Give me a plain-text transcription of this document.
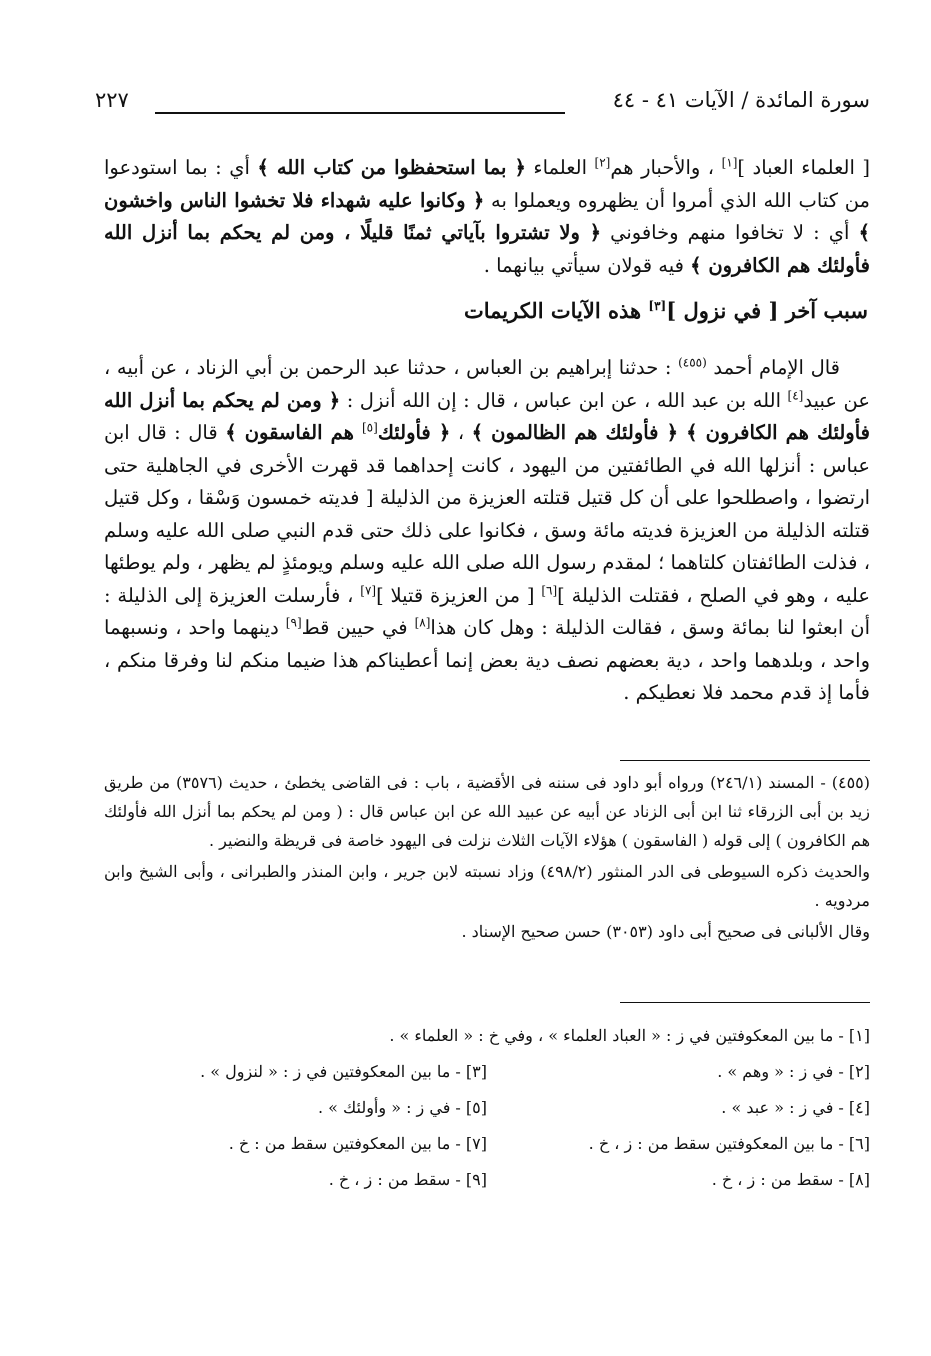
سورة المائدة / الآيات ٤١ - ٤٤
٢٢٧

[ العلماء العباد ][١] ، والأحبار هم[٢] العلماء ﴿ بما استحفظوا من كتاب الله ﴾ أي : بما استودعوا من كتاب الله الذي أمروا أن يظهروه ويعملوا به ﴿ وكانوا عليه شهداء فلا تخشوا الناس واخشون ﴾ أي : لا تخافوا منهم وخافوني ﴿ ولا تشتروا بآياتي ثمنًا قليلًا ، ومن لم يحكم بما أنزل الله فأولئك هم الكافرون ﴾ فيه قولان سيأتي بيانهما .

سبب آخر [ في نزول ][٣] هذه الآيات الكريمات

قال الإمام أحمد $^{(٤٥٥)}$ : حدثنا إبراهيم بن العباس ، حدثنا عبد الرحمن بن أبي الزناد ، عن أبيه ، عن عبيد[٤] الله بن عبد الله ، عن ابن عباس ، قال : إن الله أنزل : ﴿ ومن لم يحكم بما أنزل الله فأولئك هم الكافرون ﴾ ﴿ فأولئك هم الظالمون ﴾ ، ﴿ فأولئك[٥] هم الفاسقون ﴾ قال : قال ابن عباس : أنزلها الله في الطائفتين من اليهود ، كانت إحداهما قد قهرت الأخرى في الجاهلية حتى ارتضوا ، واصطلحوا على أن كل قتيل قتلته العزيزة من الذليلة [ فديته خمسون وَسْقا ، وكل قتيل قتلته الذليلة من العزيزة فديته مائة وسق ، فكانوا على ذلك حتى قدم النبي صلى الله عليه وسلم ، فذلت الطائفتان كلتاهما ؛ لمقدم رسول الله صلى الله عليه وسلم ويومئذٍ لم يظهر ، ولم يوطئها عليه ، وهو في الصلح ، فقتلت الذليلة ][٦] [ من العزيزة قتيلا ][٧] ، فأرسلت العزيزة إلى الذليلة : أن ابعثوا لنا بمائة وسق ، فقالت الذليلة : وهل كان هذا[٨] في حيين قط[٩] دينهما واحد ، ونسبهما واحد ، وبلدهما واحد ، دية بعضهم نصف دية بعض إنما أعطيناكم هذا ضيما منكم لنا وفرقا منكم ، فأما إذ قدم محمد فلا نعطيكم .

(٤٥٥) - المسند (٢٤٦/١) ورواه أبو داود فى سننه فى الأقضية ، باب : فى القاضى يخطئ ، حديث (٣٥٧٦) من طريق زيد بن أبى الزرقاء ثنا ابن أبى الزناد عن أبيه عن عبيد الله عن ابن عباس قال : ( ومن لم يحكم بما أنزل الله فأولئك هم الكافرون ) إلى قوله ( الفاسقون ) هؤلاء الآيات الثلاث نزلت فى اليهود خاصة فى قريظة والنضير .

والحديث ذكره السيوطى فى الدر المنثور (٤٩٨/٢) وزاد نسبته لابن جرير ، وابن المنذر والطبرانى ، وأبى الشيخ وابن مردويه .

وقال الألبانى فى صحيح أبى داود (٣٠٥٣) حسن صحيح الإسناد .

[١] - ما بين المعكوفتين في ز : « العباد العلماء » ، وفي خ : « العلماء » .
[٢] - في ز : « وهم » .
[٣] - ما بين المعكوفتين في ز : « لنزول » .
[٤] - في ز : « عبد » .
[٥] - في ز : « وأولئك » .
[٦] - ما بين المعكوفتين سقط من : ز ، خ .
[٧] - ما بين المعكوفتين سقط من : خ .
[٨] - سقط من : ز ، خ .
[٩] - سقط من : ز ، خ .
